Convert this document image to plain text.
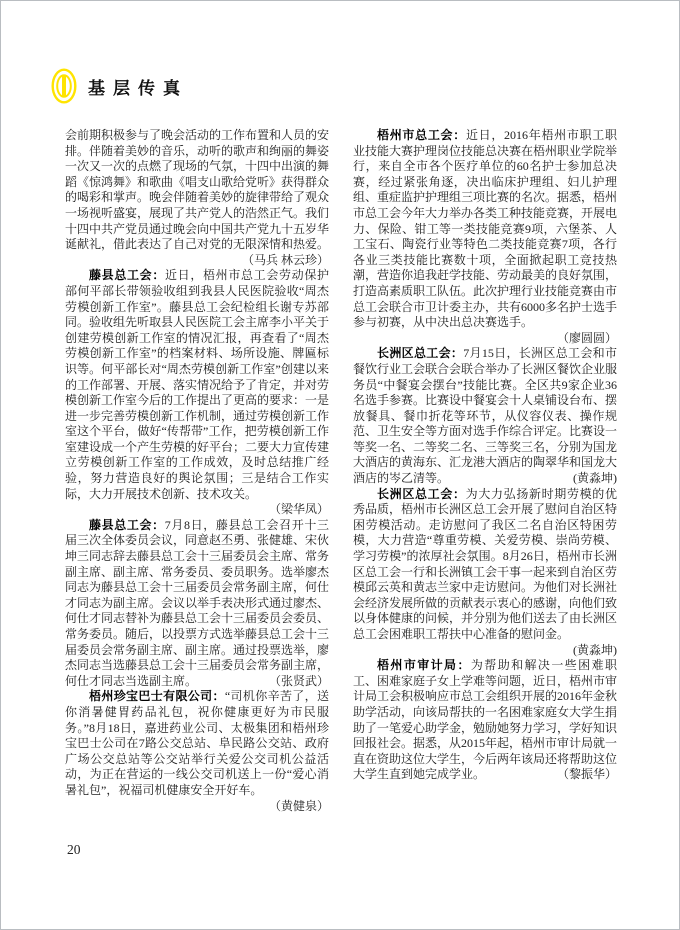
基层传真

会前期积极参与了晚会活动的工作布置和人员的安排。伴随着美妙的音乐，动听的歌声和绚丽的舞姿一次又一次的点燃了现场的气氛，十四中出演的舞蹈《惊鸿舞》和歌曲《唱支山歌给党听》获得群众的喝彩和掌声。晚会伴随着美妙的旋律带给了观众一场视听盛宴，展现了共产党人的浩然正气。我们十四中共产党员通过晚会向中国共产党九十五岁华诞献礼，借此表达了自己对党的无限深情和热爱。
（马兵 林云珍）

藤县总工会：近日，梧州市总工会劳动保护部何平部长带领验收组到我县人民医院验收“周杰劳模创新工作室”。藤县总工会纪检组长谢专苏部同。验收组先听取县人民医院工会主席李小平关于创建劳模创新工作室的情况汇报，再查看了“周杰劳模创新工作室”的档案材料、场所设施、牌匾标识等。何平部长对“周杰劳模创新工作室”创建以来的工作部署、开展、落实情况给予了肯定，并对劳模创新工作室今后的工作提出了更高的要求：一是进一步完善劳模创新工作机制，通过劳模创新工作室这个平台，做好“传帮带”工作，把劳模创新工作室建设成一个产生劳模的好平台；二要大力宣传建立劳模创新工作室的工作成效，及时总结推广经验，努力营造良好的舆论氛围；三是结合工作实际，大力开展技术创新、技术攻关。
（梁华凤）

藤县总工会：7月8日，藤县总工会召开十三届三次全体委员会议，同意赵丕勇、张健雄、宋伙坤三同志辞去藤县总工会十三届委员会主席、常务副主席、副主席、常务委员、委员职务。选举廖杰同志为藤县总工会十三届委员会常务副主席，何仕才同志为副主席。会议以举手表决形式通过廖杰、何仕才同志替补为藤县总工会十三届委员会委员、常务委员。随后，以投票方式选举藤县总工会十三届委员会常务副主席、副主席。通过投票选举，廖杰同志当选藤县总工会十三届委员会常务副主席，何仕才同志当选副主席。	（张贤武）

梧州珍宝巴士有限公司：“司机你辛苦了，送你消暑健胃药品礼包，祝你健康更好为市民服务。”8月18日，嘉进药业公司、太极集团和梧州珍宝巴士公司在7路公交总站、阜民路公交站、政府广场公交总站等公交站举行关爱公交司机公益活动，为正在营运的一线公交司机送上一份“爱心消暑礼包”，祝福司机健康安全开好车。
（黄健泉）

梧州市总工会：近日，2016年梧州市职工职业技能大赛护理岗位技能总决赛在梧州职业学院举行，来自全市各个医疗单位的60名护士参加总决赛，经过紧张角逐，决出临床护理组、妇儿护理组、重症监护护理组三项比赛的名次。据悉，梧州市总工会今年大力举办各类工种技能竞赛，开展电力、保险、钳工等一类技能竞赛9项，六堡茶、人工宝石、陶瓷行业等特色二类技能竞赛7项，各行各业三类技能比赛数十项，全面掀起职工竞技热潮，营造你追我赶学技能、劳动最美的良好氛围，打造高素质职工队伍。此次护理行业技能竞赛由市总工会联合市卫计委主办，共有6000多名护士选手参与初赛，从中决出总决赛选手。
（廖圆圆）

长洲区总工会：7月15日，长洲区总工会和市餐饮行业工会联合会联合举办了长洲区餐饮企业服务员“中餐宴会摆台”技能比赛。全区共9家企业36名选手参赛。比赛设中餐宴会十人桌铺设台布、摆放餐具、餐巾折花等环节，从仪容仪表、操作规范、卫生安全等方面对选手作综合评定。比赛设一等奖一名、二等奖二名、三等奖三名，分别为国龙大酒店的黄海东、汇龙港大酒店的陶翠华和国龙大酒店的岑乙清等。	(黄淼坤)

长洲区总工会：为大力弘扬新时期劳模的优秀品质，梧州市长洲区总工会开展了慰问自治区特困劳模活动。走访慰问了我区二名自治区特困劳模，大力营造“尊重劳模、关爱劳模、崇尚劳模、学习劳模”的浓厚社会氛围。8月26日，梧州市长洲区总工会一行和长洲镇工会干事一起来到自治区劳模邱云英和黄志兰家中走访慰问。为他们对长洲社会经济发展所做的贡献表示衷心的感谢，向他们致以身体健康的问候，并分别为他们送去了由长洲区总工会困难职工帮扶中心准备的慰问金。
(黄淼坤)

梧州市审计局：为帮助和解决一些困难职工、困难家庭子女上学难等问题，近日，梧州市审计局工会积极响应市总工会组织开展的2016年金秋助学活动，向该局帮扶的一名困难家庭女大学生捐助了一笔爱心助学金，勉励她努力学习，学好知识回报社会。据悉，从2015年起，梧州市审计局就一直在资助这位大学生，今后两年该局还将帮助这位大学生直到她完成学业。	（黎振华）

20
